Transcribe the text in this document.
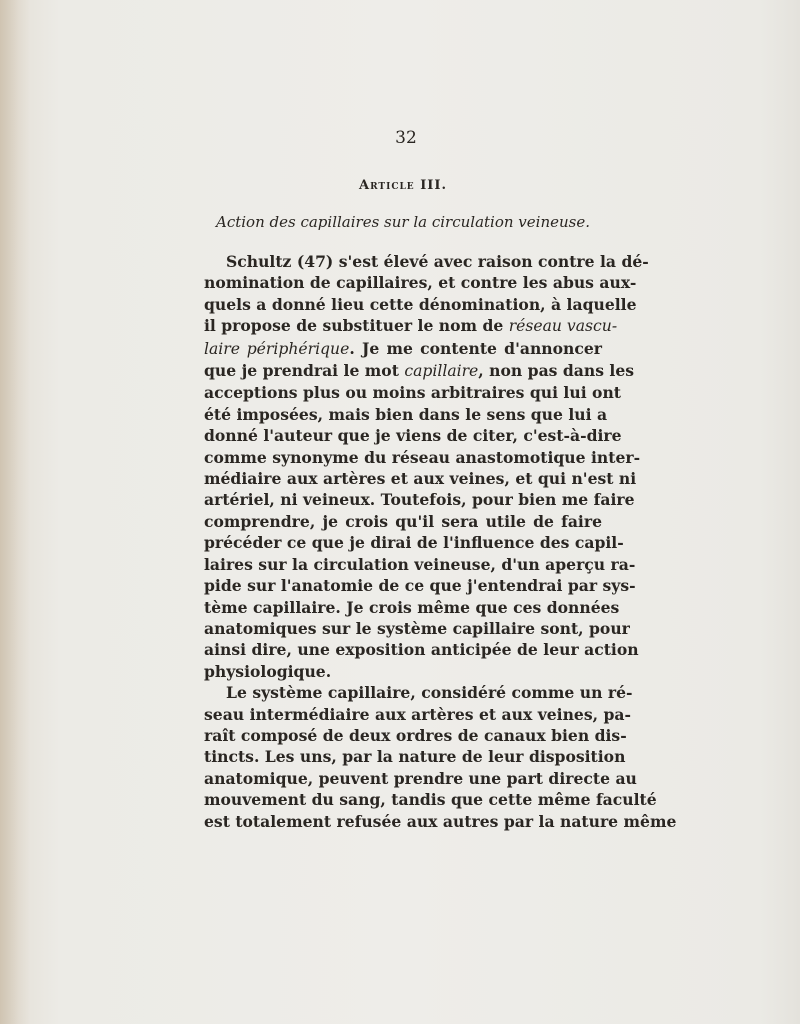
32
Article III.
Action des capillaires sur la circulation veineuse.
Schultz (47) s'est élevé avec raison contre la dé-
nomination de capillaires, et contre les abus aux-
quels a donné lieu cette dénomination, à laquelle
il propose de substituer le nom de réseau vascu-
laire périphérique. Je me contente d'annoncer
que je prendrai le mot capillaire, non pas dans les
acceptions plus ou moins arbitraires qui lui ont
été imposées, mais bien dans le sens que lui a
donné l'auteur que je viens de citer, c'est-à-dire
comme synonyme du réseau anastomotique inter-
médiaire aux artères et aux veines, et qui n'est ni
artériel, ni veineux. Toutefois, pour bien me faire
comprendre, je crois qu'il sera utile de faire
précéder ce que je dirai de l'influence des capil-
laires sur la circulation veineuse, d'un aperçu ra-
pide sur l'anatomie de ce que j'entendrai par sys-
tème capillaire. Je crois même que ces données
anatomiques sur le système capillaire sont, pour
ainsi dire, une exposition anticipée de leur action
physiologique.
Le système capillaire, considéré comme un ré-
seau intermédiaire aux artères et aux veines, pa-
raît composé de deux ordres de canaux bien dis-
tincts. Les uns, par la nature de leur disposition
anatomique, peuvent prendre une part directe au
mouvement du sang, tandis que cette même faculté
est totalement refusée aux autres par la nature même
